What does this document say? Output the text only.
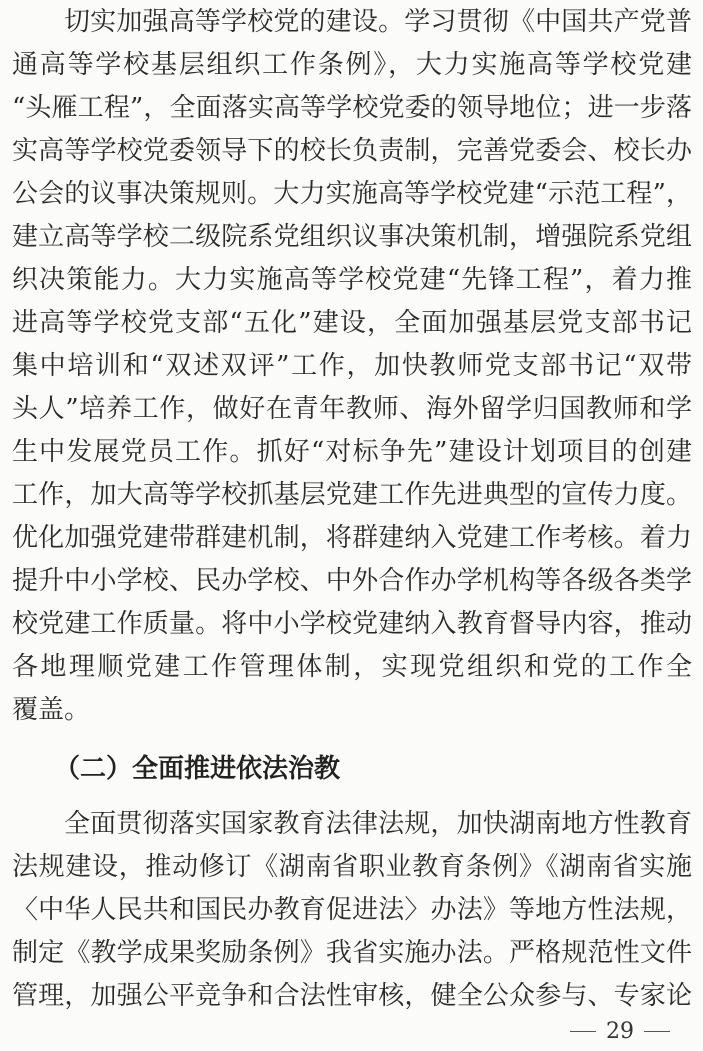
切实加强高等学校党的建设。学习贯彻《中国共产党普
通高等学校基层组织工作条例》，大力实施高等学校党建
“头雁工程”，全面落实高等学校党委的领导地位；进一步落
实高等学校党委领导下的校长负责制，完善党委会、校长办
公会的议事决策规则。大力实施高等学校党建“示范工程”，
建立高等学校二级院系党组织议事决策机制，增强院系党组
织决策能力。大力实施高等学校党建“先锋工程”，着力推
进高等学校党支部“五化”建设，全面加强基层党支部书记
集中培训和“双述双评”工作，加快教师党支部书记“双带
头人”培养工作，做好在青年教师、海外留学归国教师和学
生中发展党员工作。抓好“对标争先”建设计划项目的创建
工作，加大高等学校抓基层党建工作先进典型的宣传力度。
优化加强党建带群建机制，将群建纳入党建工作考核。着力
提升中小学校、民办学校、中外合作办学机构等各级各类学
校党建工作质量。将中小学校党建纳入教育督导内容，推动
各地理顺党建工作管理体制，实现党组织和党的工作全
覆盖。
（二）全面推进依法治教
全面贯彻落实国家教育法律法规，加快湖南地方性教育
法规建设，推动修订《湖南省职业教育条例》《湖南省实施
〈中华人民共和国民办教育促进法〉办法》等地方性法规，
制定《教学成果奖励条例》我省实施办法。严格规范性文件
管理，加强公平竞争和合法性审核，健全公众参与、专家论
29
